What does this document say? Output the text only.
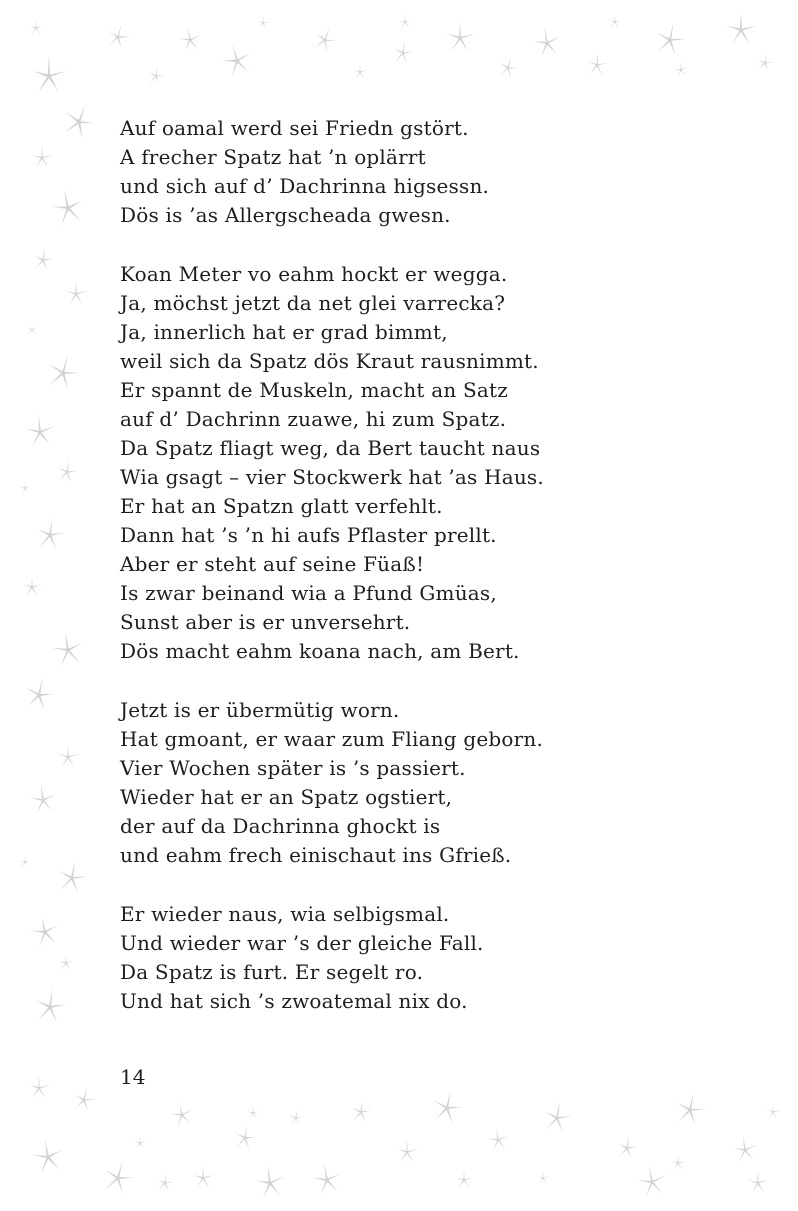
Auf oamal werd sei Friedn gstört.
A frecher Spatz hat ’n oplärrt
und sich auf d’ Dachrinna higsessn.
Dös is ’as Allergscheada gwesn.
Koan Meter vo eahm hockt er wegga.
Ja, möchst jetzt da net glei varrecka?
Ja, innerlich hat er grad bimmt,
weil sich da Spatz dös Kraut rausnimmt.
Er spannt de Muskeln, macht an Satz
auf d’ Dachrinn zuawe, hi zum Spatz.
Da Spatz fliagt weg, da Bert taucht naus
Wia gsagt – vier Stockwerk hat ’as Haus.
Er hat an Spatzn glatt verfehlt.
Dann hat ’s ’n hi aufs Pflaster prellt.
Aber er steht auf seine Füaß!
Is zwar beinand wia a Pfund Gmüas,
Sunst aber is er unversehrt.
Dös macht eahm koana nach, am Bert.
Jetzt is er übermütig worn.
Hat gmoant, er waar zum Fliang geborn.
Vier Wochen später is ’s passiert.
Wieder hat er an Spatz ogstiert,
der auf da Dachrinna ghockt is
und eahm frech einischaut ins Gfrieß.
Er wieder naus, wia selbigsmal.
Und wieder war ’s der gleiche Fall.
Da Spatz is furt. Er segelt ro.
Und hat sich ’s zwoatemal nix do.
14
